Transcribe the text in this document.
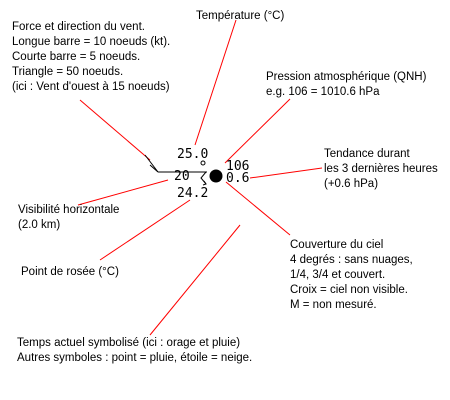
25.0
106
0.6
20
24.2
Force et direction du vent.
Longue barre = 10 noeuds (kt).
Courte barre = 5 noeuds.
Triangle = 50 noeuds.
(ici : Vent d'ouest à 15 noeuds)
Température (°C)
Pression atmosphérique (QNH)
e.g. 106 = 1010.6 hPa
Tendance durant
les 3 dernières heures
(+0.6 hPa)
Visibilité horizontale
(2.0 km)
Point de rosée (°C)
Couverture du ciel
4 degrés : sans nuages,
1/4, 3/4 et couvert.
Croix = ciel non visible.
M = non mesuré.
Temps actuel symbolisé (ici : orage et pluie)
Autres symboles : point = pluie, étoile = neige.
